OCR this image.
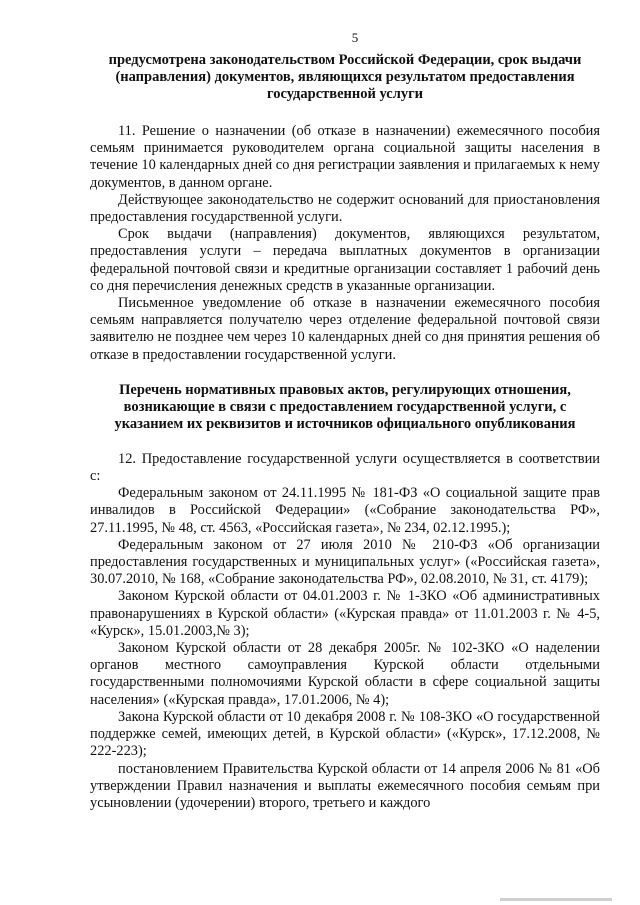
5
предусмотрена законодательством Российской Федерации, срок выдачи (направления) документов, являющихся результатом предоставления государственной услуги

11. Решение о назначении (об отказе в назначении) ежемесячного пособия семьям принимается руководителем органа социальной защиты населения в течение 10 календарных дней со дня регистрации заявления и прилагаемых к нему документов, в данном органе.

Действующее законодательство не содержит оснований для приостановления предоставления государственной услуги.

Срок выдачи (направления) документов, являющихся результатом, предоставления услуги – передача выплатных документов в организации федеральной почтовой связи и кредитные организации составляет 1 рабочий день со дня перечисления денежных средств в указанные организации.

Письменное уведомление об отказе в назначении ежемесячного пособия семьям направляется получателю через отделение федеральной почтовой связи заявителю не позднее чем через 10 календарных дней со дня принятия решения об отказе в предоставлении государственной услуги.

Перечень нормативных правовых актов, регулирующих отношения, возникающие в связи с предоставлением государственной услуги, с указанием их реквизитов и источников официального опубликования

12. Предоставление государственной услуги осуществляется в соответствии с:

Федеральным законом от 24.11.1995 № 181-ФЗ «О социальной защите прав инвалидов в Российской Федерации» («Собрание законодательства РФ», 27.11.1995, № 48, ст. 4563, «Российская газета», № 234, 02.12.1995.);

Федеральным законом от 27 июля 2010 № 210-ФЗ «Об организации предоставления государственных и муниципальных услуг» («Российская газета», 30.07.2010, № 168, «Собрание законодательства РФ», 02.08.2010, № 31, ст. 4179);

Законом Курской области от 04.01.2003 г. № 1-ЗКО «Об административных правонарушениях в Курской области» («Курская правда» от 11.01.2003 г. № 4-5, «Курск», 15.01.2003,№ 3);

Законом Курской области от 28 декабря 2005г. № 102-ЗКО «О наделении органов местного самоуправления Курской области отдельными государственными полномочиями Курской области в сфере социальной защиты населения» («Курская правда», 17.01.2006, № 4);

Закона Курской области от 10 декабря 2008 г. № 108-ЗКО «О государственной поддержке семей, имеющих детей, в Курской области» («Курск», 17.12.2008, № 222-223);

постановлением Правительства Курской области от 14 апреля 2006 № 81 «Об утверждении Правил назначения и выплаты ежемесячного пособия семьям при усыновлении (удочерении) второго, третьего и каждого
